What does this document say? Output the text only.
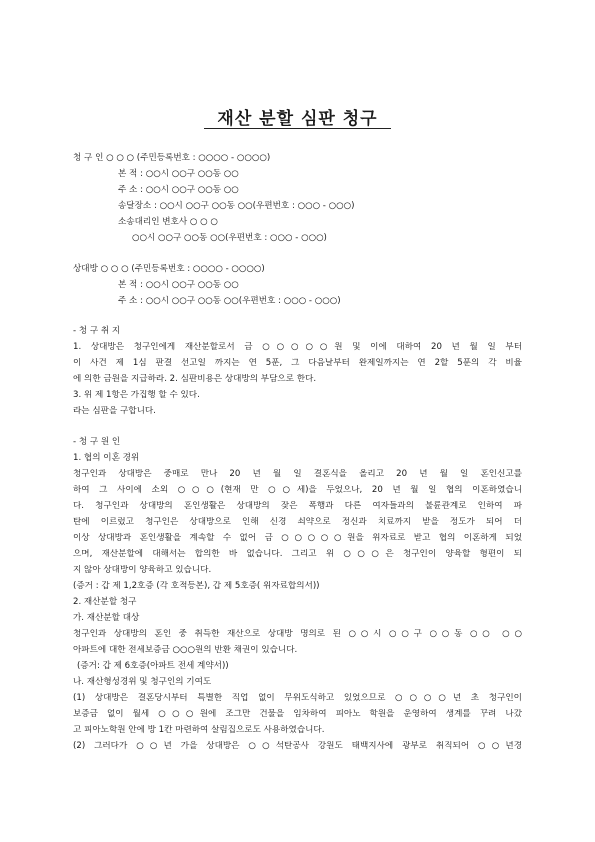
재산 분할 심판 청구
청 구 인 ○ ○ ○ (주민등록번호 : ○○○○ - ○○○○)
본 적 : ○○시 ○○구 ○○동 ○○
주 소 : ○○시 ○○구 ○○동 ○○
송달장소 : ○○시 ○○구 ○○동 ○○(우편번호 : ○○○ - ○○○)
소송대리인 변호사 ○ ○ ○
○○시 ○○구 ○○동 ○○(우편번호 : ○○○ - ○○○)
상대방 ○ ○ ○ (주민등록번호 : ○○○○ - ○○○○)
본 적 : ○○시 ○○구 ○○동 ○○
주 소 : ○○시 ○○구 ○○동 ○○(우편번호 : ○○○ - ○○○)
- 청 구 취 지
1. 상대방은 청구인에게 재산분할로서 금 ○○○○○원 및 이에 대하여 20 년 월 일 부터
이 사건 제 1심 판결 선고일 까지는 연 5푼, 그 다음날부터 완제일까지는 연 2할 5푼의 각 비율
에 의한 금원을 지급하라. 2. 심판비용은 상대방의 부담으로 한다.
3. 위 제 1항은 가집행 할 수 있다.
라는 심판을 구합니다.
- 청 구 원 인
1. 협의 이혼 경위
청구인과 상대방은 중매로 만나 20 년 월 일 결혼식을 올리고 20 년 월 일 혼인신고를
하여 그 사이에 소외 ○○○(현재 만 ○○세)을 두었으나, 20 년 월 일 협의 이혼하였습니
다. 청구인과 상대방의 혼인생활은 상대방의 잦은 폭행과 다른 여자들과의 불륜관계로 인하여 파
탄에 이르렀고 청구인은 상대방으로 인해 신경 쇠약으로 정신과 치료까지 받을 정도가 되어 더
이상 상대방과 혼인생활을 계속할 수 없어 금 ○○○○○원을 위자료로 받고 협의 이혼하게 되었
으며, 재산분할에 대해서는 합의한 바 없습니다. 그리고 위 ○○○은 청구인이 양육할 형편이 되
지 않아 상대방이 양육하고 있습니다.
(증거 : 갑 제 1,2호증 (각 호적등본), 갑 제 5호증( 위자료합의서))
2. 재산분할 청구
가. 재산분할 대상
청구인과 상대방의 혼인 중 취득한 재산으로 상대방 명의로 된 ○○시 ○○구 ○○동 ○○ ○○
아파트에 대한 전세보증금 ○○○원의 반환 채권이 있습니다.
(증거: 갑 제 6호증(아파트 전세 계약서))
나. 재산형성경위 및 청구인의 기여도
(1) 상대방은 결혼당시부터 특별한 직업 없이 무위도식하고 있었으므로 ○○○○년 초 청구인이
보증금 없이 월세 ○○○원에 조그만 건물을 임차하여 피아노 학원을 운영하여 생계를 꾸려 나갔
고 피아노학원 안에 방 1칸 마련하여 살림집으로도 사용하였습니다.
(2) 그러다가 ○○년 가을 상대방은 ○○석탄공사 강원도 태백지사에 광부로 취직되어 ○○년경
